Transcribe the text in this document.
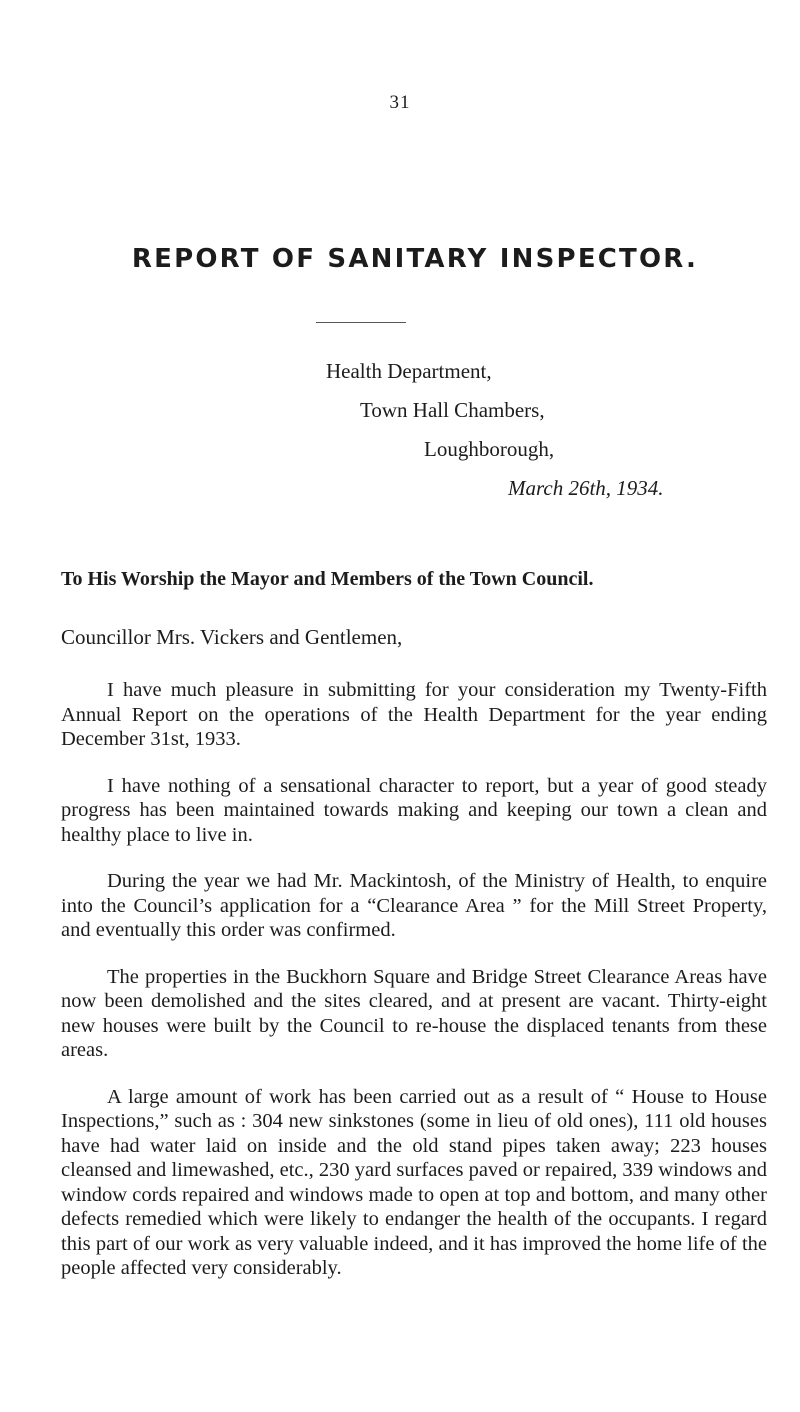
31
REPORT OF SANITARY INSPECTOR.
Health Department,
Town Hall Chambers,
Loughborough,
March 26th, 1934.
To His Worship the Mayor and Members of the Town Council.
Councillor Mrs. Vickers and Gentlemen,

I have much pleasure in submitting for your consideration my Twenty-Fifth Annual Report on the operations of the Health Department for the year ending December 31st, 1933.

I have nothing of a sensational character to report, but a year of good steady progress has been maintained towards making and keeping our town a clean and healthy place to live in.

During the year we had Mr. Mackintosh, of the Ministry of Health, to enquire into the Council’s application for a “Clearance Area ” for the Mill Street Property, and eventually this order was confirmed.

The properties in the Buckhorn Square and Bridge Street Clearance Areas have now been demolished and the sites cleared, and at present are vacant. Thirty-eight new houses were built by the Council to re-house the displaced tenants from these areas.

A large amount of work has been carried out as a result of “ House to House Inspections,” such as : 304 new sinkstones (some in lieu of old ones), 111 old houses have had water laid on inside and the old stand pipes taken away; 223 houses cleansed and limewashed, etc., 230 yard surfaces paved or repaired, 339 windows and window cords repaired and windows made to open at top and bottom, and many other defects remedied which were likely to endanger the health of the occupants. I regard this part of our work as very valuable indeed, and it has improved the home life of the people affected very considerably.
